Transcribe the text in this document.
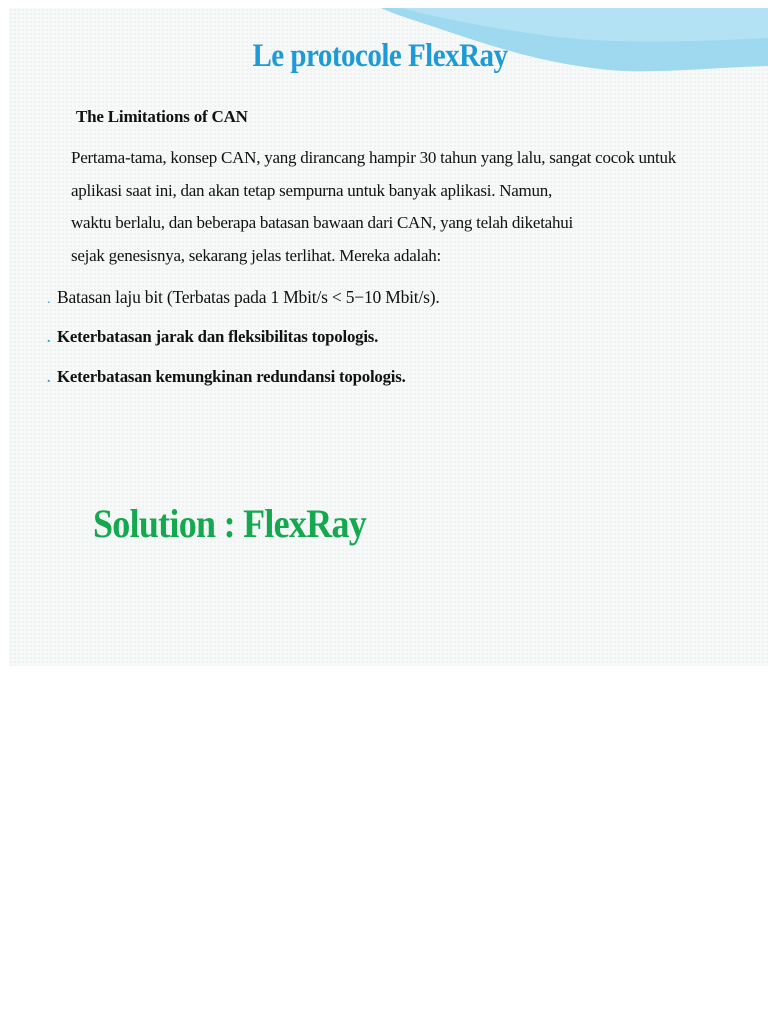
Le protocole FlexRay
The Limitations of CAN
Pertama-tama, konsep CAN, yang dirancang hampir 30 tahun yang lalu, sangat cocok untuk
aplikasi saat ini, dan akan tetap sempurna untuk banyak aplikasi. Namun,
waktu berlalu, dan beberapa batasan bawaan dari CAN, yang telah diketahui
sejak genesisnya, sekarang jelas terlihat. Mereka adalah:
. Batasan laju bit (Terbatas pada 1 Mbit/s < 5−10 Mbit/s).
. Keterbatasan jarak dan fleksibilitas topologis.
. Keterbatasan kemungkinan redundansi topologis.
Solution : FlexRay
